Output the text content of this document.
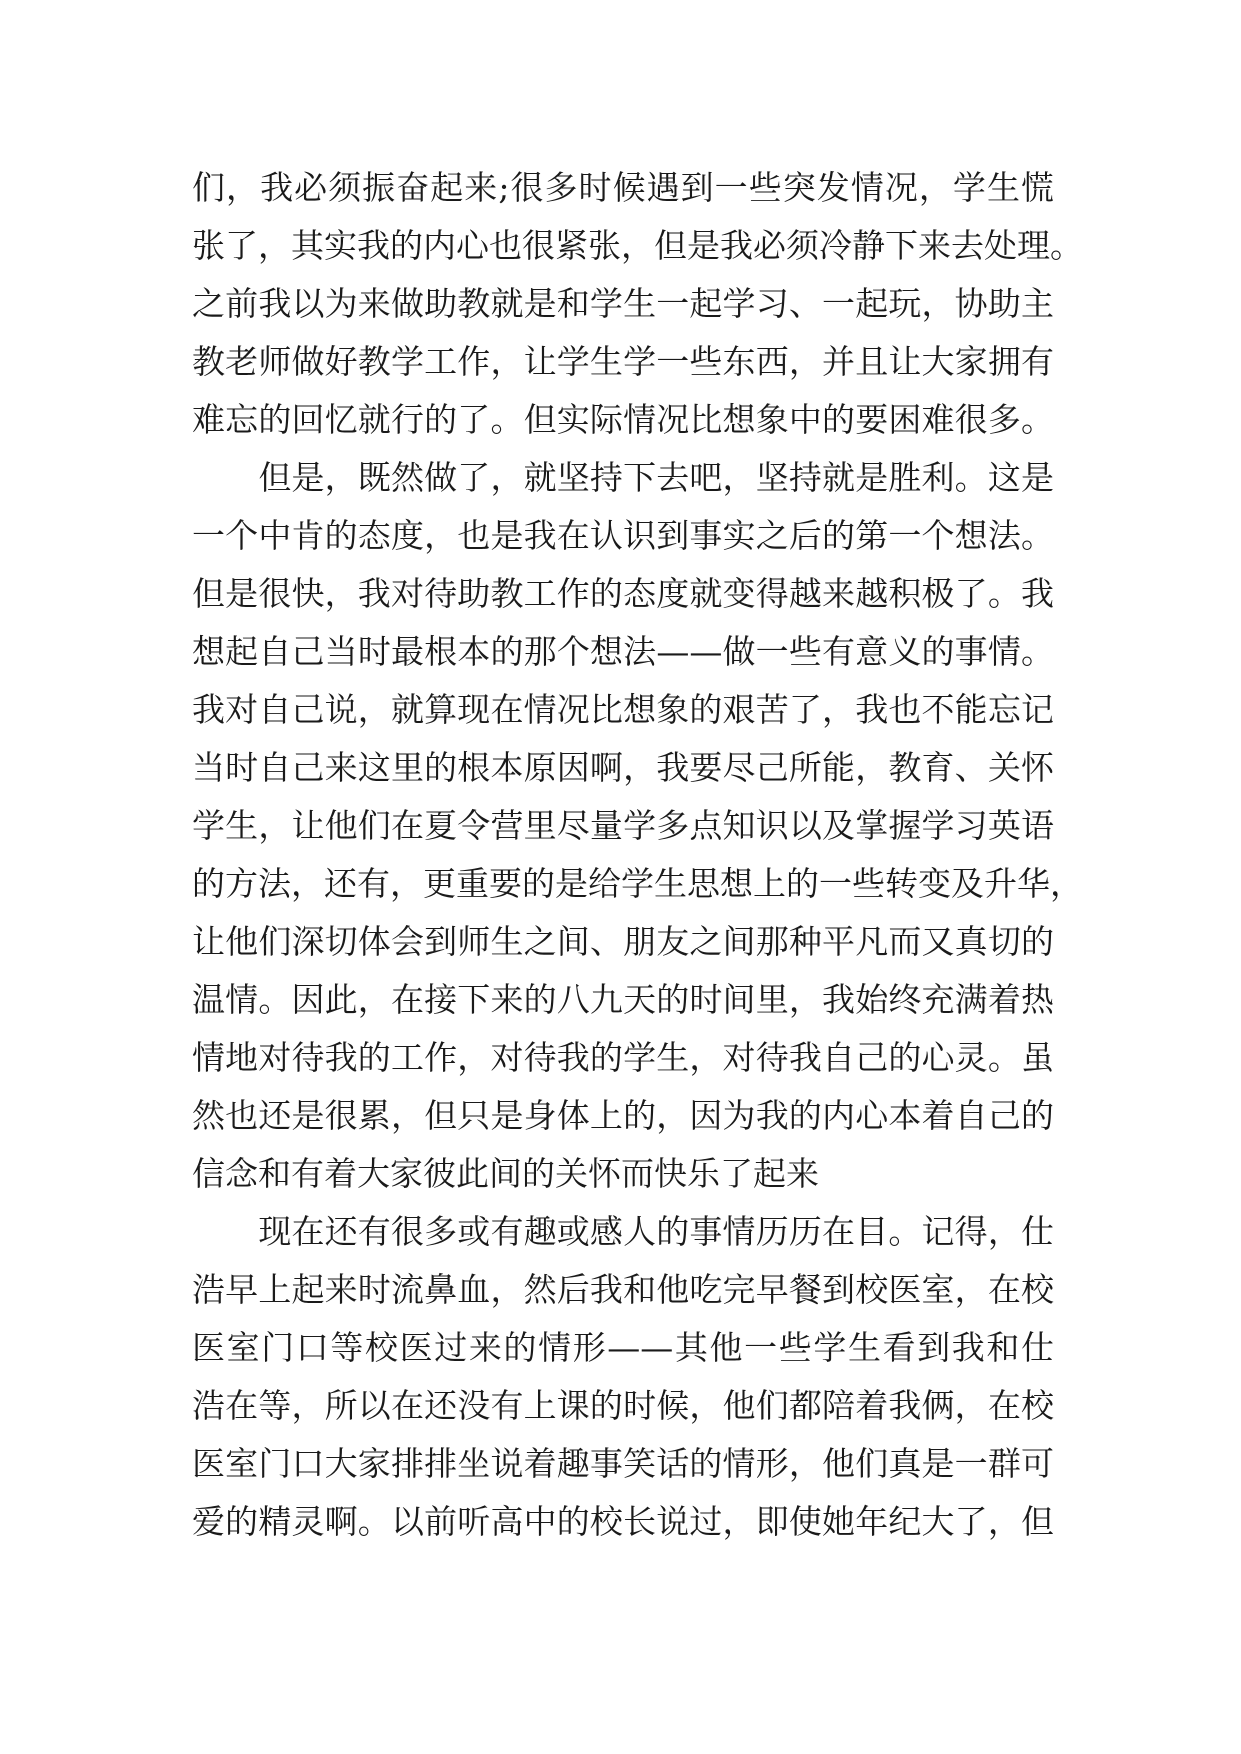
们，我必须振奋起来;很多时候遇到一些突发情况，学生慌
张了，其实我的内心也很紧张，但是我必须冷静下来去处理。
之前我以为来做助教就是和学生一起学习、一起玩，协助主
教老师做好教学工作，让学生学一些东西，并且让大家拥有
难忘的回忆就行的了。但实际情况比想象中的要困难很多。
　　但是，既然做了，就坚持下去吧，坚持就是胜利。这是
一个中肯的态度，也是我在认识到事实之后的第一个想法。
但是很快，我对待助教工作的态度就变得越来越积极了。我
想起自己当时最根本的那个想法——做一些有意义的事情。
我对自己说，就算现在情况比想象的艰苦了，我也不能忘记
当时自己来这里的根本原因啊，我要尽己所能，教育、关怀
学生，让他们在夏令营里尽量学多点知识以及掌握学习英语
的方法，还有，更重要的是给学生思想上的一些转变及升华，
让他们深切体会到师生之间、朋友之间那种平凡而又真切的
温情。因此，在接下来的八九天的时间里，我始终充满着热
情地对待我的工作，对待我的学生，对待我自己的心灵。虽
然也还是很累，但只是身体上的，因为我的内心本着自己的
信念和有着大家彼此间的关怀而快乐了起来
　　现在还有很多或有趣或感人的事情历历在目。记得，仕
浩早上起来时流鼻血，然后我和他吃完早餐到校医室，在校
医室门口等校医过来的情形——其他一些学生看到我和仕
浩在等，所以在还没有上课的时候，他们都陪着我俩，在校
医室门口大家排排坐说着趣事笑话的情形，他们真是一群可
爱的精灵啊。以前听高中的校长说过，即使她年纪大了，但
